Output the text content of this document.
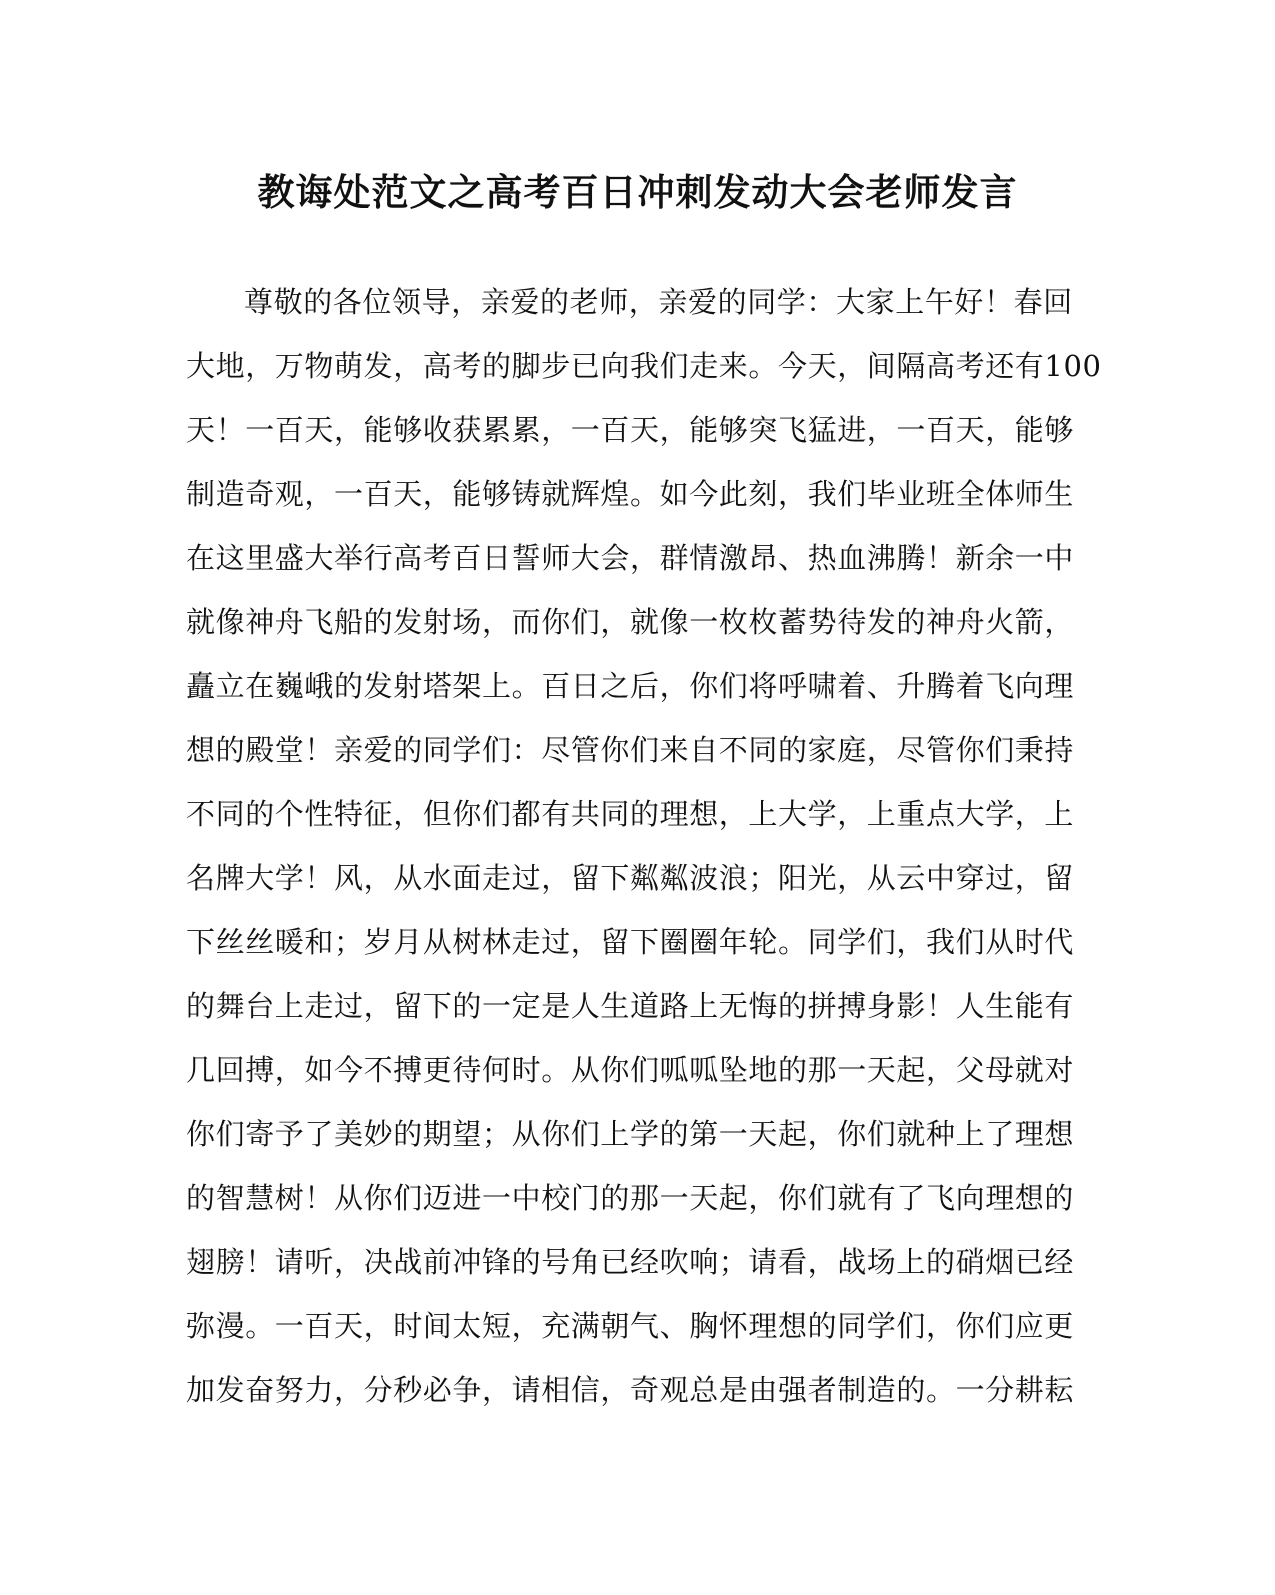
教诲处范文之高考百日冲刺发动大会老师发言
尊敬的各位领导，亲爱的老师，亲爱的同学：大家上午好！春回
大地，万物萌发，高考的脚步已向我们走来。今天，间隔高考还有100
天！一百天，能够收获累累，一百天，能够突飞猛进，一百天，能够
制造奇观，一百天，能够铸就辉煌。如今此刻，我们毕业班全体师生
在这里盛大举行高考百日誓师大会，群情激昂、热血沸腾！新余一中
就像神舟飞船的发射场，而你们，就像一枚枚蓄势待发的神舟火箭，
矗立在巍峨的发射塔架上。百日之后，你们将呼啸着、升腾着飞向理
想的殿堂！亲爱的同学们：尽管你们来自不同的家庭，尽管你们秉持
不同的个性特征，但你们都有共同的理想，上大学，上重点大学，上
名牌大学！风，从水面走过，留下粼粼波浪；阳光，从云中穿过，留
下丝丝暖和；岁月从树林走过，留下圈圈年轮。同学们，我们从时代
的舞台上走过，留下的一定是人生道路上无悔的拼搏身影！人生能有
几回搏，如今不搏更待何时。从你们呱呱坠地的那一天起，父母就对
你们寄予了美妙的期望；从你们上学的第一天起，你们就种上了理想
的智慧树！从你们迈进一中校门的那一天起，你们就有了飞向理想的
翅膀！请听，决战前冲锋的号角已经吹响；请看，战场上的硝烟已经
弥漫。一百天，时间太短，充满朝气、胸怀理想的同学们，你们应更
加发奋努力，分秒必争，请相信，奇观总是由强者制造的。一分耕耘
